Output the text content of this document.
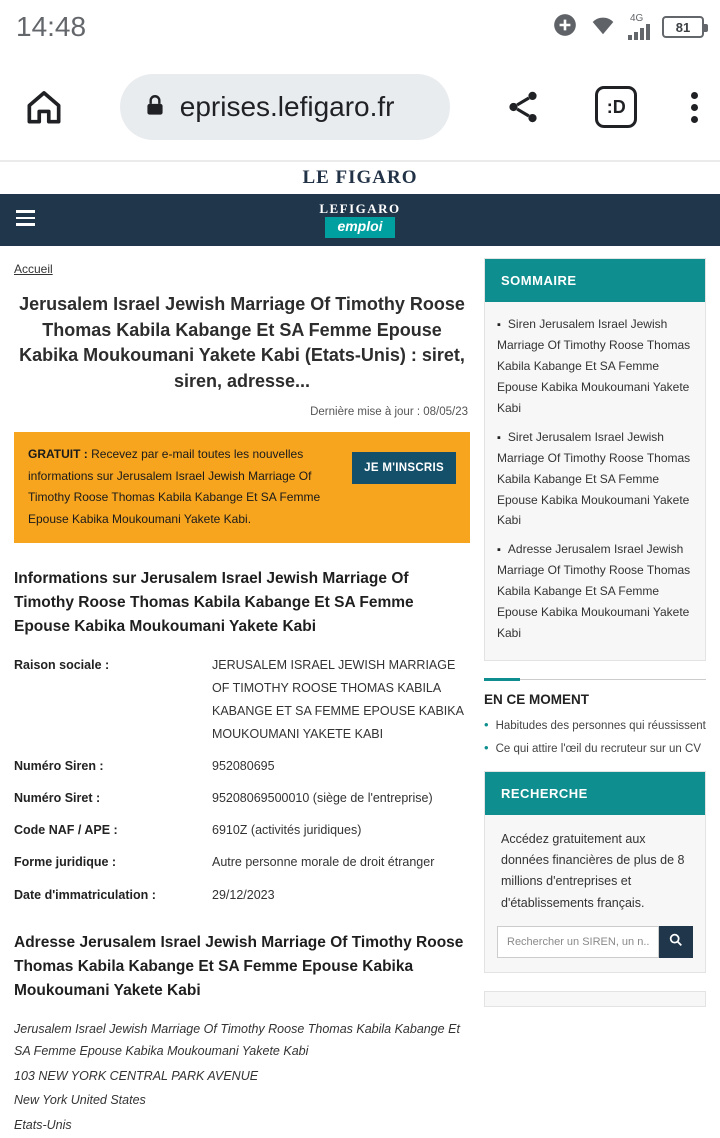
14:48	4G
81
eprises.lefigaro.fr	:D
LE FIGARO
LEFIGARO
emploi
Accueil
Jerusalem Israel Jewish Marriage Of Timothy Roose Thomas Kabila Kabange Et SA Femme Epouse Kabika Moukoumani Yakete Kabi (Etats-Unis) : siret, siren, adresse...
Dernière mise à jour : 08/05/23
GRATUIT : Recevez par e-mail toutes les nouvelles informations sur Jerusalem Israel Jewish Marriage Of Timothy Roose Thomas Kabila Kabange Et SA Femme Epouse Kabika Moukoumani Yakete Kabi.
JE M'INSCRIS
Informations sur Jerusalem Israel Jewish Marriage Of Timothy Roose Thomas Kabila Kabange Et SA Femme Epouse Kabika Moukoumani Yakete Kabi
Raison sociale :	JERUSALEM ISRAEL JEWISH MARRIAGE OF TIMOTHY ROOSE THOMAS KABILA KABANGE ET SA FEMME EPOUSE KABIKA MOUKOUMANI YAKETE KABI
Numéro Siren :	952080695
Numéro Siret :	95208069500010 (siège de l'entreprise)
Code NAF / APE :	6910Z (activités juridiques)
Forme juridique :	Autre personne morale de droit étranger
Date d'immatriculation :	29/12/2023
Adresse Jerusalem Israel Jewish Marriage Of Timothy Roose Thomas Kabila Kabange Et SA Femme Epouse Kabika Moukoumani Yakete Kabi
Jerusalem Israel Jewish Marriage Of Timothy Roose Thomas Kabila Kabange Et SA Femme Epouse Kabika Moukoumani Yakete Kabi
103 NEW YORK CENTRAL PARK AVENUE
New York United States
Etats-Unis
SOMMAIRE
▪ Siren Jerusalem Israel Jewish Marriage Of Timothy Roose Thomas Kabila Kabange Et SA Femme Epouse Kabika Moukoumani Yakete Kabi
▪ Siret Jerusalem Israel Jewish Marriage Of Timothy Roose Thomas Kabila Kabange Et SA Femme Epouse Kabika Moukoumani Yakete Kabi
▪ Adresse Jerusalem Israel Jewish Marriage Of Timothy Roose Thomas Kabila Kabange Et SA Femme Epouse Kabika Moukoumani Yakete Kabi
EN CE MOMENT
• Habitudes des personnes qui réussissent
• Ce qui attire l'œil du recruteur sur un CV
RECHERCHE
Accédez gratuitement aux données financières de plus de 8 millions d'entreprises et d'établissements français.
Rechercher un SIREN, un n...
